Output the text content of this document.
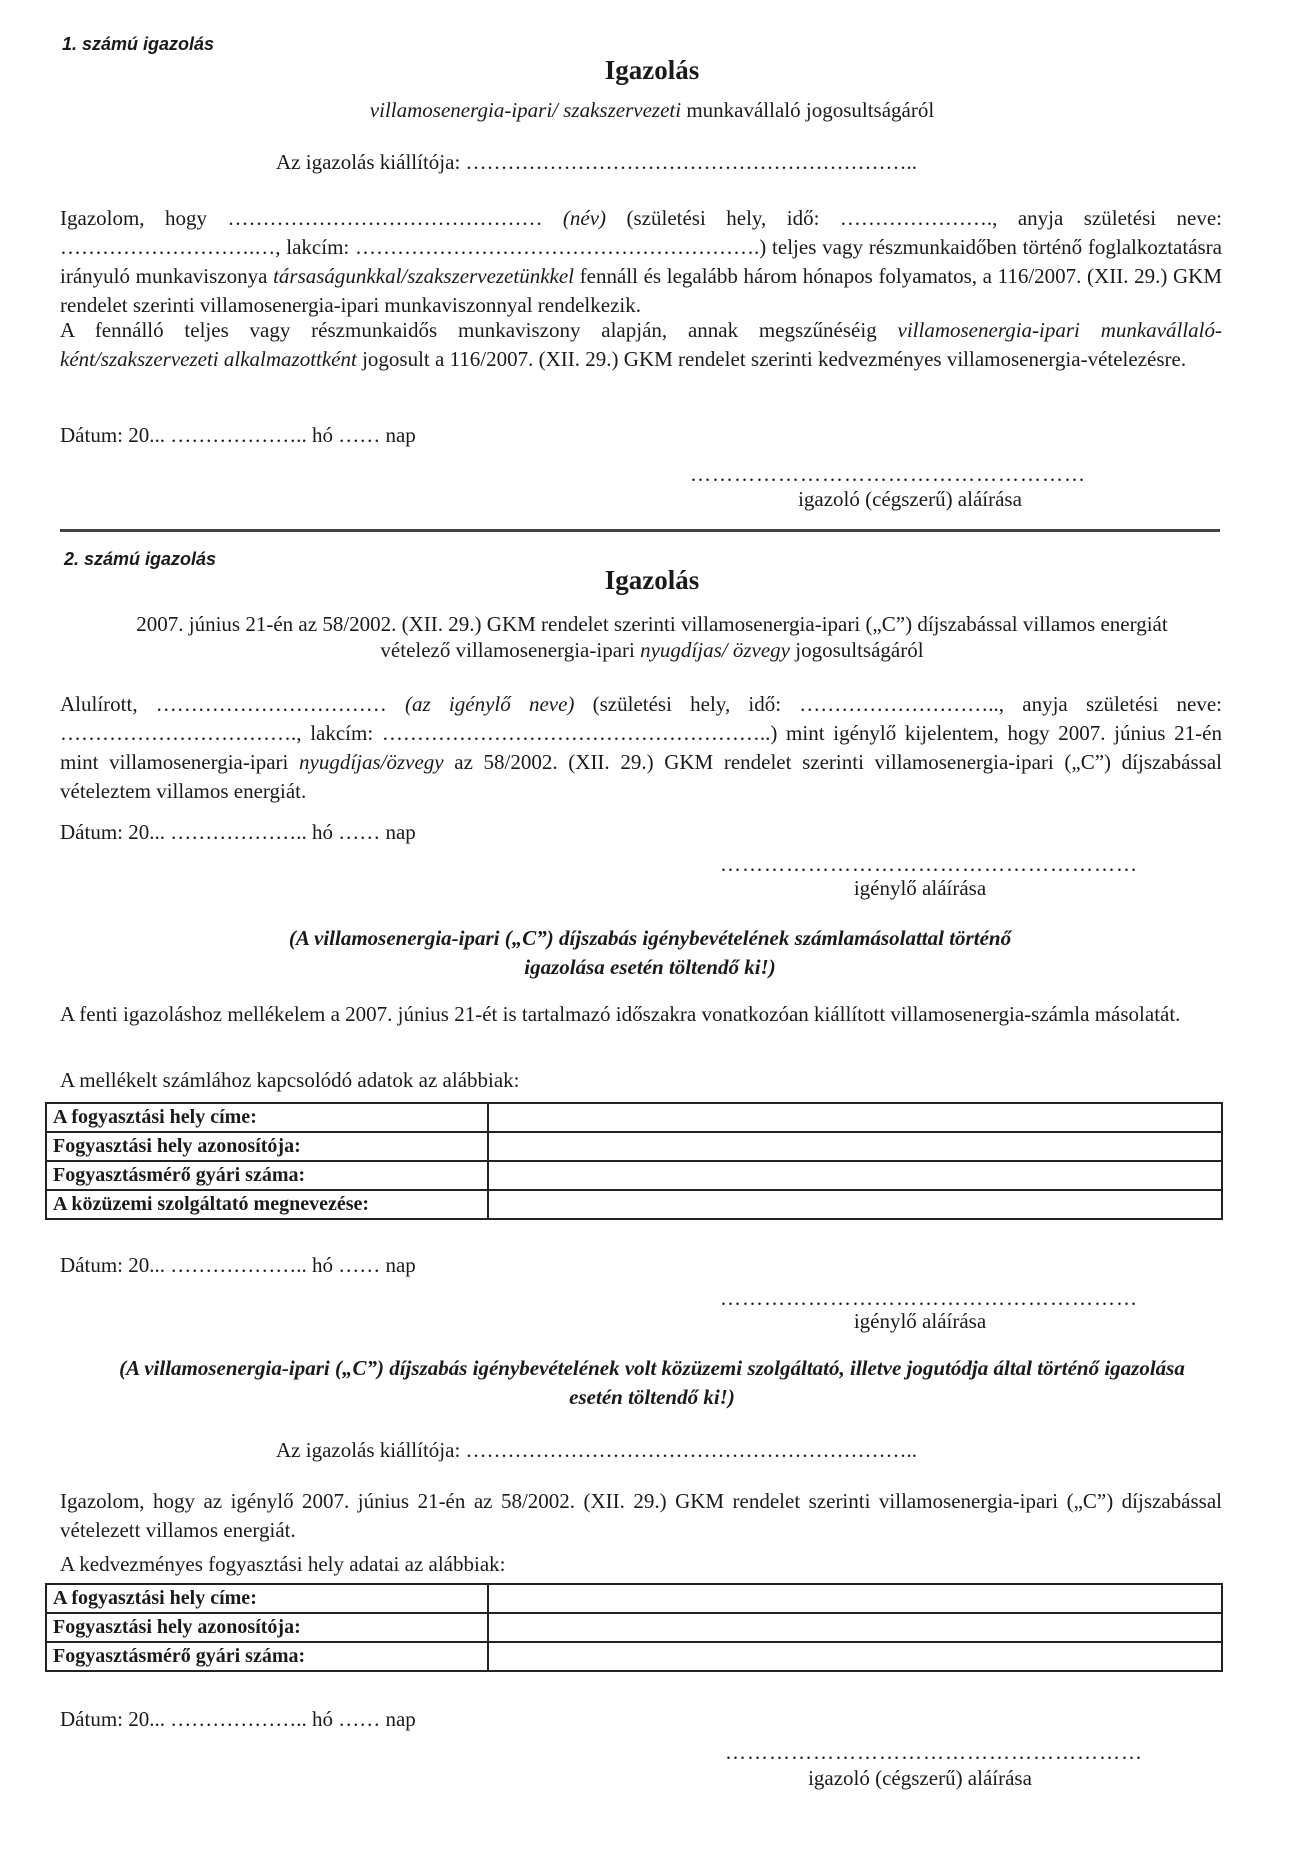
1. számú igazolás
Igazolás
villamosenergia-ipari/ szakszervezeti munkavállaló jogosultságáról
Az igazolás kiállítója: ………………………………………………………..
Igazolom, hogy ……………………………………… (név) (születési hely, idő: …………………., anyja születési neve: ……………………….…, lakcím: ………………………………………………….) teljes vagy részmunkaidőben történő foglalkoztatásra irányuló munkaviszonya társaságunkkal/szakszervezetünkkel fennáll és legalább három hónapos folyamatos, a 116/2007. (XII. 29.) GKM rendelet szerinti villamosenergia-ipari munkaviszonnyal rendelkezik.
A fennálló teljes vagy részmunkaidős munkaviszony alapján, annak megszűnéséig villamosenergia-ipari munkavállaló-ként/szakszervezeti alkalmazottként jogosult a 116/2007. (XII. 29.) GKM rendelet szerinti kedvezményes villamosenergia-vételezésre.
Dátum: 20... ……………….. hó …… nap
………………………………………………
igazoló (cégszerű) aláírása
2. számú igazolás
Igazolás
2007. június 21-én az 58/2002. (XII. 29.) GKM rendelet szerinti villamosenergia-ipari („C”) díjszabással villamos energiát
vételező villamosenergia-ipari nyugdíjas/ özvegy jogosultságáról
Alulírott, …………………………… (az igénylő neve) (születési hely, idő: ……………………….., anyja születési neve: ……………………………., lakcím: ………………………………………………..) mint igénylő kijelentem, hogy 2007. június 21-én mint villamosenergia-ipari nyugdíjas/özvegy az 58/2002. (XII. 29.) GKM rendelet szerinti villamosenergia-ipari („C”) díjszabással vételeztem villamos energiát.
Dátum: 20... ……………….. hó …… nap
…………………………………………………
igénylő aláírása
(A villamosenergia-ipari („C”) díjszabás igénybevételének számlamásolattal történő igazolása esetén töltendő ki!)
A fenti igazoláshoz mellékelem a 2007. június 21-ét is tartalmazó időszakra vonatkozóan kiállított villamosenergia-számla másolatát.
A mellékelt számlához kapcsolódó adatok az alábbiak:
A fogyasztási hely címe:	
Fogyasztási hely azonosítója:	
Fogyasztásmérő gyári száma:	
A közüzemi szolgáltató megnevezése:	
Dátum: 20... ……………….. hó …… nap
…………………………………………………
igénylő aláírása
(A villamosenergia-ipari („C”) díjszabás igénybevételének volt közüzemi szolgáltató, illetve jogutódja által történő igazolása esetén töltendő ki!)
Az igazolás kiállítója: ………………………………………………………..
Igazolom, hogy az igénylő 2007. június 21-én az 58/2002. (XII. 29.) GKM rendelet szerinti villamosenergia-ipari („C”) díjszabással vételezett villamos energiát.
A kedvezményes fogyasztási hely adatai az alábbiak:
A fogyasztási hely címe:	
Fogyasztási hely azonosítója:	
Fogyasztásmérő gyári száma:	
Dátum: 20... ……………….. hó …… nap
…………………………………………………
igazoló (cégszerű) aláírása
